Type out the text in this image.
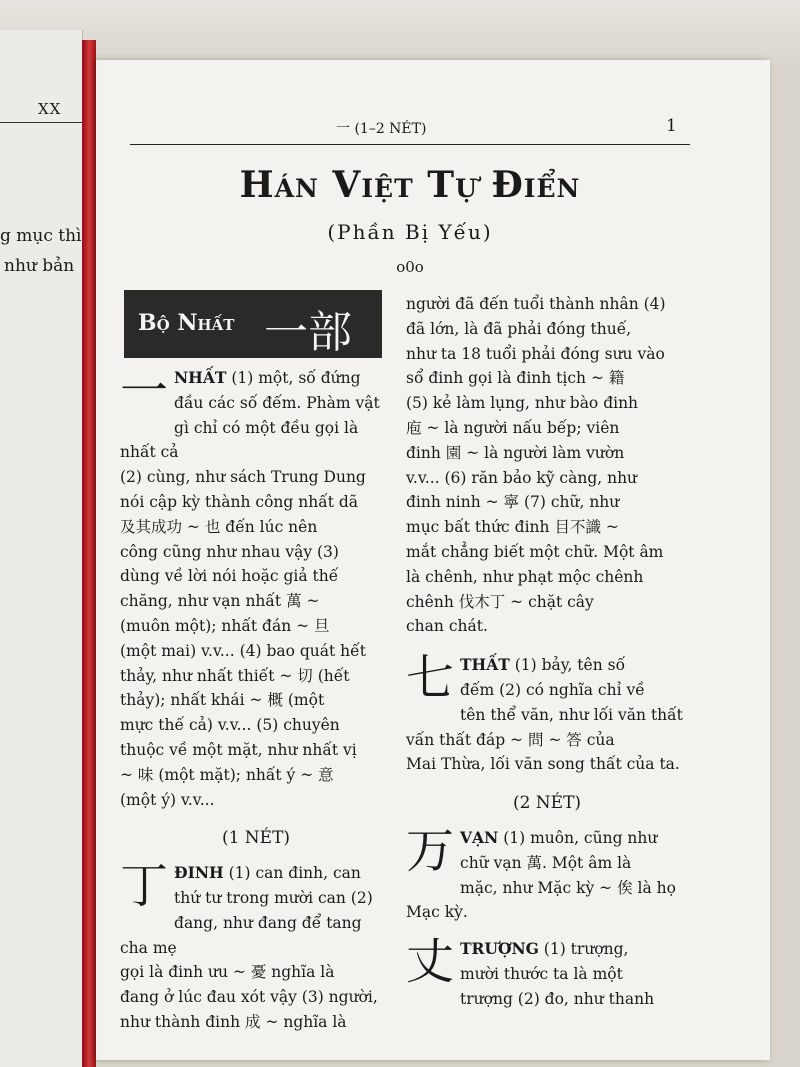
XX
g mục thì
như bản
一 (1–2 NÉT)	1
Hán Việt Tự Điển
(Phần Bị Yếu)
o0o
Bộ Nhất 一部
一 NHẤT (1) một, số đứng

đầu các số đếm. Phàm vật

gì chỉ có một đều gọi là nhất cả

(2) cùng, như sách Trung Dung

nói cập kỳ thành công nhất dã

及其成功 ~ 也 đến lúc nên

công cũng như nhau vậy (3)

dùng về lời nói hoặc giả thế

chăng, như vạn nhất 萬 ~

(muôn một); nhất đán ~ 旦

(một mai) v.v... (4) bao quát hết

thảy, như nhất thiết ~ 切 (hết

thảy); nhất khái ~ 概 (một

mực thế cả) v.v... (5) chuyên

thuộc về một mặt, như nhất vị

~ 味 (một mặt); nhất ý ~ 意

(một ý) v.v...

(1 NÉT)

丁 ĐINH (1) can đinh, can

thứ tư trong mười can (2)

đang, như đang để tang cha mẹ

gọi là đinh ưu ~ 憂 nghĩa là

đang ở lúc đau xót vậy (3) người,

như thành đinh 成 ~ nghĩa là

người đã đến tuổi thành nhân (4)

đã lớn, là đã phải đóng thuế,

như ta 18 tuổi phải đóng sưu vào

sổ đinh gọi là đinh tịch ~ 籍

(5) kẻ làm lụng, như bào đinh

庖 ~ là người nấu bếp; viên

đinh 園 ~ là người làm vườn

v.v... (6) răn bảo kỹ càng, như

đinh ninh ~ 寧 (7) chữ, như

mục bất thức đinh 目不識 ~

mắt chẳng biết một chữ. Một âm

là chênh, như phạt mộc chênh

chênh 伐木丁 ~ chặt cây

chan chát.

七 THẤT (1) bảy, tên số

đếm (2) có nghĩa chỉ về

tên thể văn, như lối văn thất

vấn thất đáp ~ 問 ~ 答 của

Mai Thừa, lối văn song thất của ta.

(2 NÉT)

万 VẠN (1) muôn, cũng như

chữ vạn 萬. Một âm là

mặc, như Mặc kỳ ~ 俟 là họ

Mạc kỳ.

丈 TRƯỢNG (1) trượng,

mười thước ta là một

trượng (2) đo, như thanh
